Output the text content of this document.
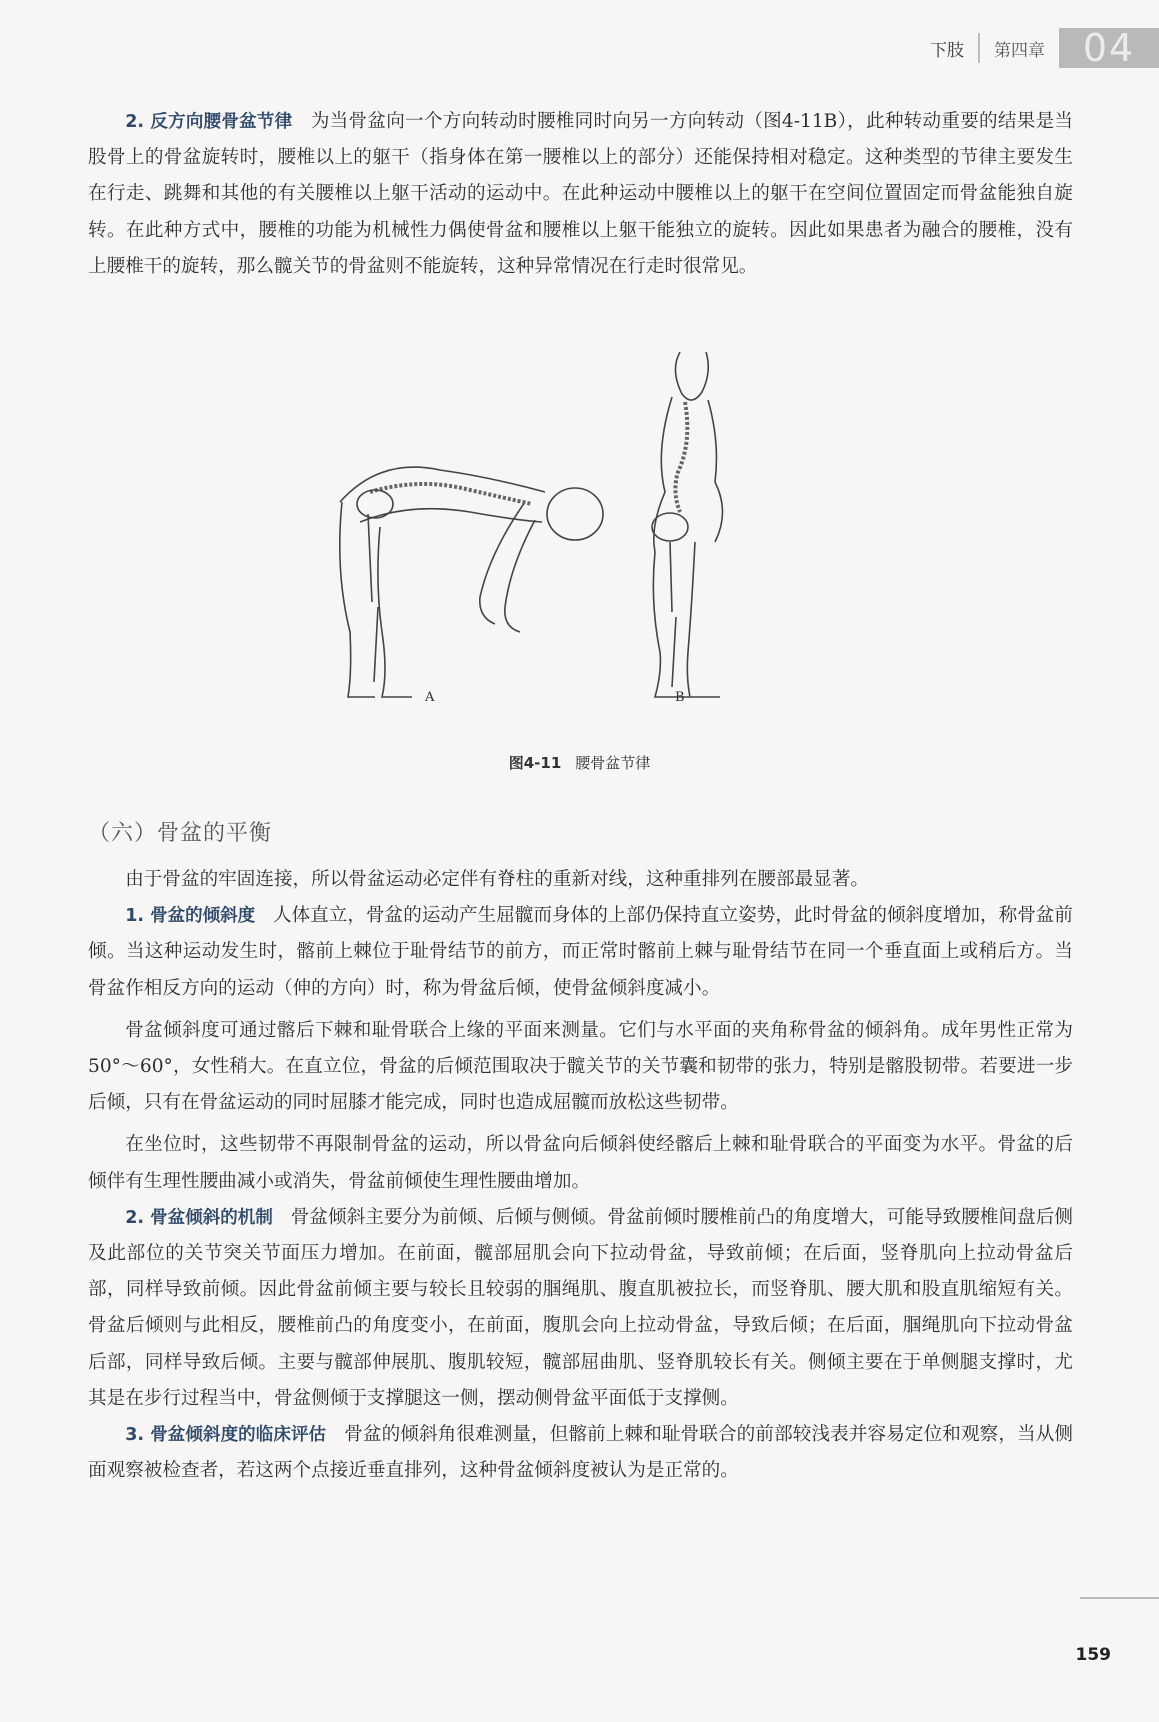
下肢 第四章 04

2. 反方向腰骨盆节律 为当骨盆向一个方向转动时腰椎同时向另一方向转动（图4-11B），此种转动重要的结果是当股骨上的骨盆旋转时，腰椎以上的躯干（指身体在第一腰椎以上的部分）还能保持相对稳定。这种类型的节律主要发生在行走、跳舞和其他的有关腰椎以上躯干活动的运动中。在此种运动中腰椎以上的躯干在空间位置固定而骨盆能独自旋转。在此种方式中，腰椎的功能为机械性力偶使骨盆和腰椎以上躯干能独立的旋转。因此如果患者为融合的腰椎，没有上腰椎干的旋转，那么髋关节的骨盆则不能旋转，这种异常情况在行走时很常见。

A	B
图4-11 腰骨盆节律
（六）骨盆的平衡

由于骨盆的牢固连接，所以骨盆运动必定伴有脊柱的重新对线，这种重排列在腰部最显著。

1. 骨盆的倾斜度 人体直立，骨盆的运动产生屈髋而身体的上部仍保持直立姿势，此时骨盆的倾斜度增加，称骨盆前倾。当这种运动发生时，髂前上棘位于耻骨结节的前方，而正常时髂前上棘与耻骨结节在同一个垂直面上或稍后方。当骨盆作相反方向的运动（伸的方向）时，称为骨盆后倾，使骨盆倾斜度减小。

骨盆倾斜度可通过髂后下棘和耻骨联合上缘的平面来测量。它们与水平面的夹角称骨盆的倾斜角。成年男性正常为50°～60°，女性稍大。在直立位，骨盆的后倾范围取决于髋关节的关节囊和韧带的张力，特别是髂股韧带。若要进一步后倾，只有在骨盆运动的同时屈膝才能完成，同时也造成屈髋而放松这些韧带。

在坐位时，这些韧带不再限制骨盆的运动，所以骨盆向后倾斜使经髂后上棘和耻骨联合的平面变为水平。骨盆的后倾伴有生理性腰曲减小或消失，骨盆前倾使生理性腰曲增加。

2. 骨盆倾斜的机制 骨盆倾斜主要分为前倾、后倾与侧倾。骨盆前倾时腰椎前凸的角度增大，可能导致腰椎间盘后侧及此部位的关节突关节面压力增加。在前面，髋部屈肌会向下拉动骨盆，导致前倾；在后面，竖脊肌向上拉动骨盆后部，同样导致前倾。因此骨盆前倾主要与较长且较弱的腘绳肌、腹直肌被拉长，而竖脊肌、腰大肌和股直肌缩短有关。骨盆后倾则与此相反，腰椎前凸的角度变小，在前面，腹肌会向上拉动骨盆，导致后倾；在后面，腘绳肌向下拉动骨盆后部，同样导致后倾。主要与髋部伸展肌、腹肌较短，髋部屈曲肌、竖脊肌较长有关。侧倾主要在于单侧腿支撑时，尤其是在步行过程当中，骨盆侧倾于支撑腿这一侧，摆动侧骨盆平面低于支撑侧。

3. 骨盆倾斜度的临床评估 骨盆的倾斜角很难测量，但髂前上棘和耻骨联合的前部较浅表并容易定位和观察，当从侧面观察被检查者，若这两个点接近垂直排列，这种骨盆倾斜度被认为是正常的。

159
